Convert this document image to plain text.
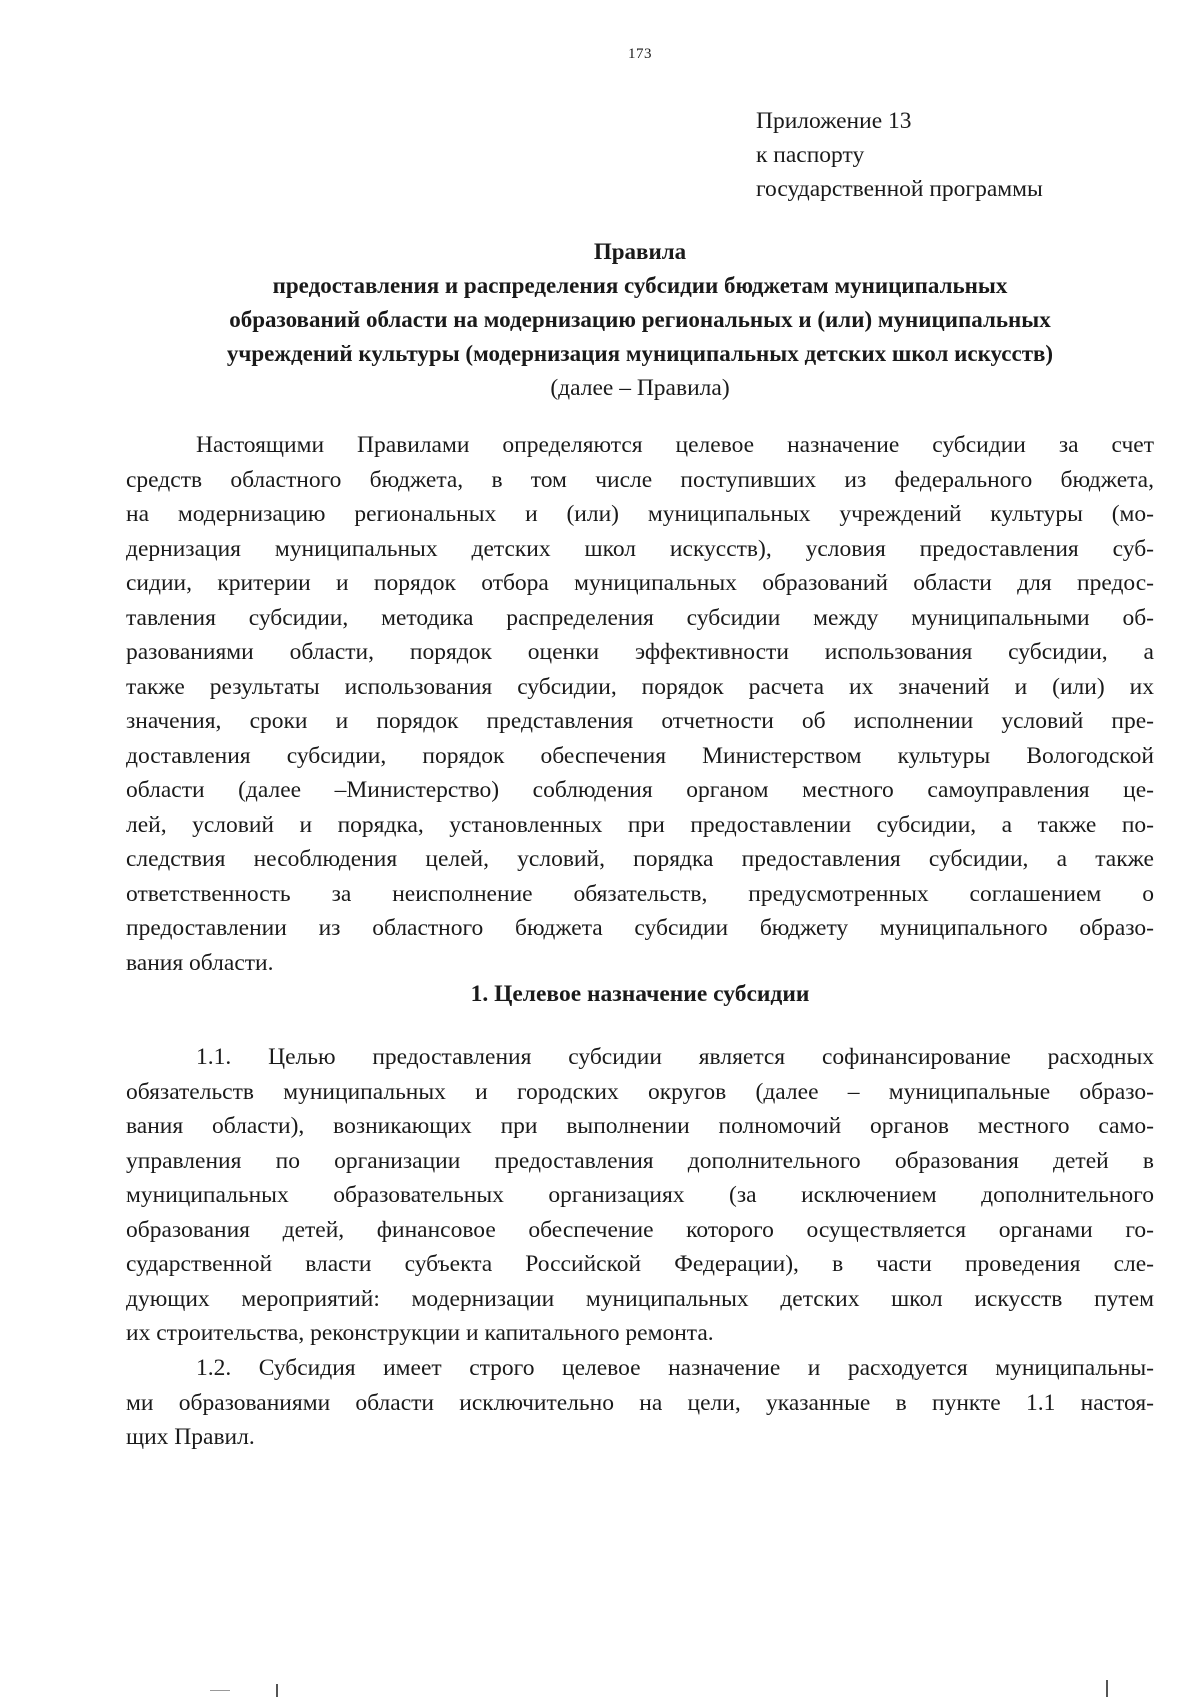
173
Приложение 13
к паспорту
государственной программы
Правила
предоставления и распределения субсидии бюджетам муниципальных
образований области на модернизацию региональных и (или) муниципальных
учреждений культуры (модернизация муниципальных детских школ искусств)
(далее – Правила)
Настоящими Правилами определяются целевое назначение субсидии за счет
средств областного бюджета, в том числе поступивших из федерального бюджета,
на модернизацию региональных и (или) муниципальных учреждений культуры (мо-
дернизация муниципальных детских школ искусств), условия предоставления суб-
сидии, критерии и порядок отбора муниципальных образований области для предос-
тавления субсидии, методика распределения субсидии между муниципальными об-
разованиями области, порядок оценки эффективности использования субсидии, а
также результаты использования субсидии, порядок расчета их значений и (или) их
значения, сроки и порядок представления отчетности об исполнении условий пре-
доставления субсидии, порядок обеспечения Министерством культуры Вологодской
области (далее –Министерство) соблюдения органом местного самоуправления це-
лей, условий и порядка, установленных при предоставлении субсидии, а также по-
следствия несоблюдения целей, условий, порядка предоставления субсидии, а также
ответственность за неисполнение обязательств, предусмотренных соглашением о
предоставлении из областного бюджета субсидии бюджету муниципального образо-
вания области.
1. Целевое назначение субсидии
1.1. Целью предоставления субсидии является софинансирование расходных
обязательств муниципальных и городских округов (далее – муниципальные образо-
вания области), возникающих при выполнении полномочий органов местного само-
управления по организации предоставления дополнительного образования детей в
муниципальных образовательных организациях (за исключением дополнительного
образования детей, финансовое обеспечение которого осуществляется органами го-
сударственной власти субъекта Российской Федерации), в части проведения сле-
дующих мероприятий: модернизации муниципальных детских школ искусств путем
их строительства, реконструкции и капитального ремонта.
1.2. Субсидия имеет строго целевое назначение и расходуется муниципальны-
ми образованиями области исключительно на цели, указанные в пункте 1.1 настоя-
щих Правил.
